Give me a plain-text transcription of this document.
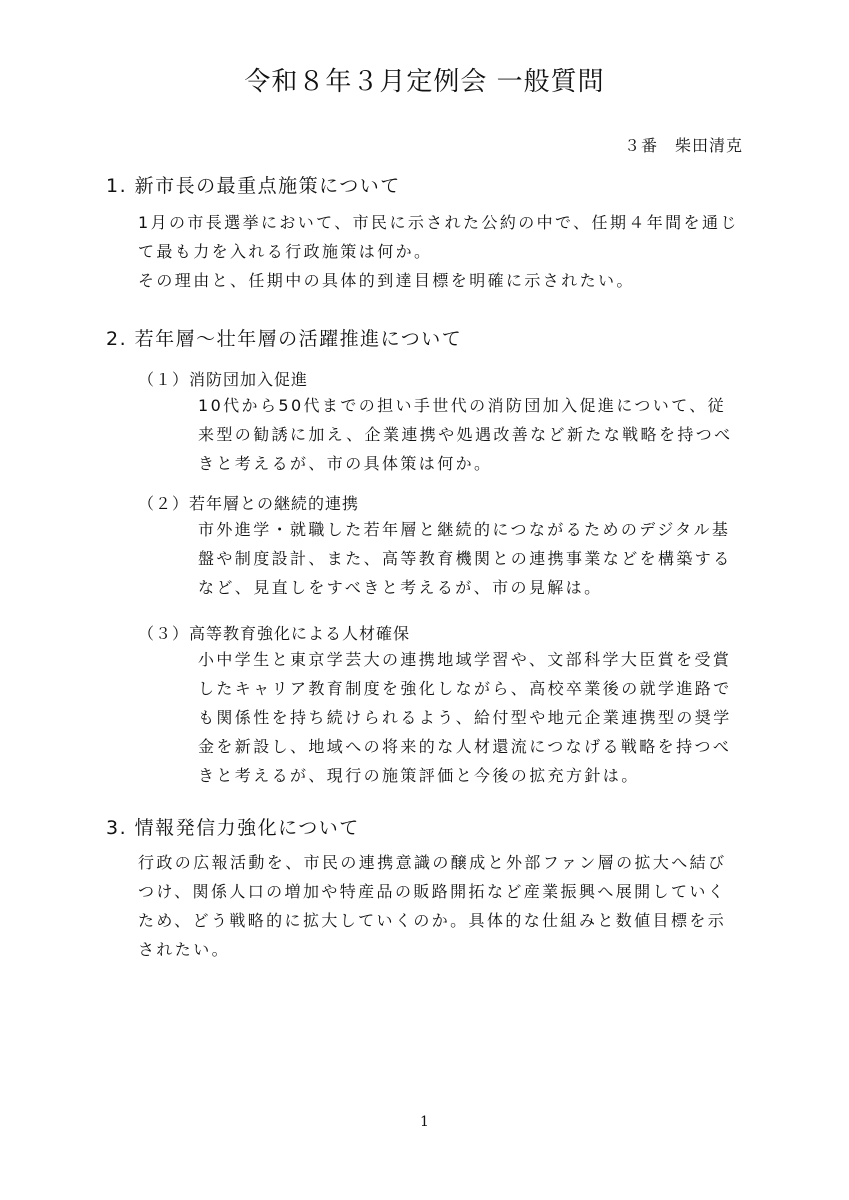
令和８年３月定例会 一般質問

３番　柴田清克

1. 新市長の最重点施策について

1月の市長選挙において、市民に示された公約の中で、任期４年間を通じて最も力を入れる行政施策は何か。

その理由と、任期中の具体的到達目標を明確に示されたい。

2. 若年層〜壮年層の活躍推進について
（１）消防団加入促進

10代から50代までの担い手世代の消防団加入促進について、従来型の勧誘に加え、企業連携や処遇改善など新たな戦略を持つべきと考えるが、市の具体策は何か。

（２）若年層との継続的連携

市外進学・就職した若年層と継続的につながるためのデジタル基盤や制度設計、また、高等教育機関との連携事業などを構築するなど、見直しをすべきと考えるが、市の見解は。

（３）高等教育強化による人材確保

小中学生と東京学芸大の連携地域学習や、文部科学大臣賞を受賞したキャリア教育制度を強化しながら、高校卒業後の就学進路でも関係性を持ち続けられるよう、給付型や地元企業連携型の奨学金を新設し、地域への将来的な人材還流につなげる戦略を持つべきと考えるが、現行の施策評価と今後の拡充方針は。

3. 情報発信力強化について

行政の広報活動を、市民の連携意識の醸成と外部ファン層の拡大へ結びつけ、関係人口の増加や特産品の販路開拓など産業振興へ展開していくため、どう戦略的に拡大していくのか。具体的な仕組みと数値目標を示されたい。

1
